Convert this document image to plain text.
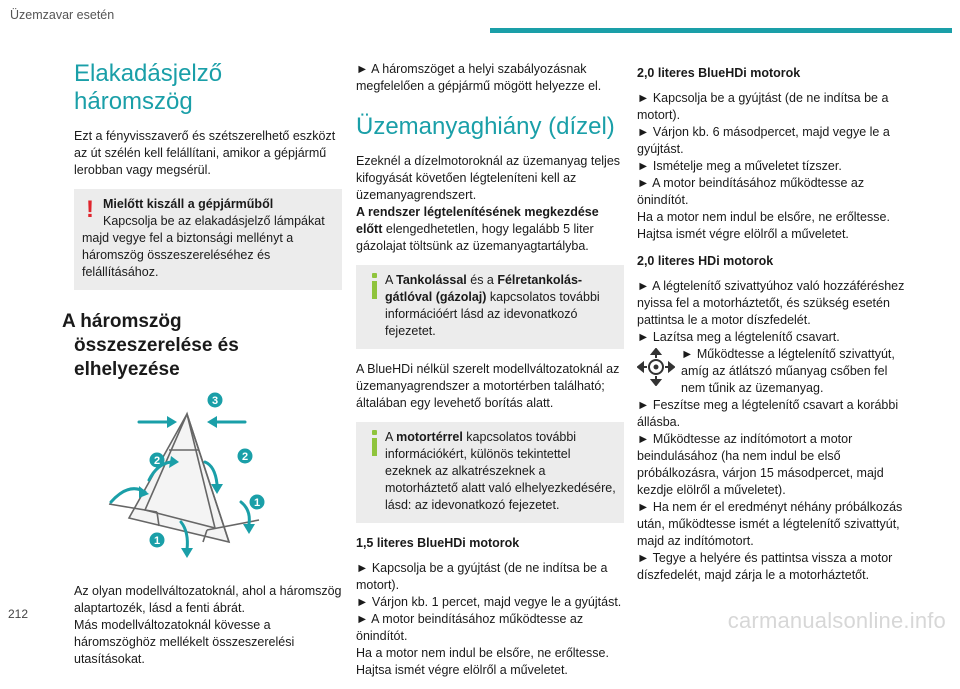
Üzemzavar esetén
Elakadásjelző háromszög

Ezt a fényvisszaverő és szétszerelhető eszközt az út szélén kell felállítani, amikor a gépjármű lerobban vagy megsérül.

! Mielőtt kiszáll a gépjárműből
Kapcsolja be az elakadásjelző lámpákat majd vegye fel a biztonsági mellényt a háromszög összeszereléséhez és felállításához.
A háromszög
összeszerelése és
elhelyezése
3
2	2
1
1

Az olyan modellváltozatoknál, ahol a háromszög alaptartozék, lásd a fenti ábrát.
Más modellváltozatoknál kövesse a háromszöghöz mellékelt összeszerelési utasításokat.

► A háromszöget a helyi szabályozásnak megfelelően a gépjármű mögött helyezze el.

Üzemanyaghiány (dízel)

Ezeknél a dízelmotoroknál az üzemanyag teljes kifogyását követően légteleníteni kell az üzemanyagrendszert.

A rendszer légtelenítésének megkezdése előtt elengedhetetlen, hogy legalább 5 liter gázolajat töltsünk az üzemanyagtartályba.

A Tankolással és a Félretankolás-gátlóval (gázolaj) kapcsolatos további információért lásd az idevonatkozó fejezetet.

A BlueHDi nélkül szerelt modellváltozatoknál az üzemanyagrendszer a motortérben található; általában egy levehető borítás alatt.

A motortérrel kapcsolatos további információkért, különös tekintettel ezeknek az alkatrészeknek a motorháztető alatt való elhelyezkedésére, lásd: az idevonatkozó fejezetet.
1,5 literes BlueHDi motorok

► Kapcsolja be a gyújtást (de ne indítsa be a motort).
► Várjon kb. 1 percet, majd vegye le a gyújtást.
► A motor beindításához működtesse az önindítót.
Ha a motor nem indul be elsőre, ne erőltesse. Hajtsa ismét végre elölről a műveletet.

2,0 literes BlueHDi motorok

► Kapcsolja be a gyújtást (de ne indítsa be a motort).
► Várjon kb. 6 másodpercet, majd vegye le a gyújtást.
► Ismételje meg a műveletet tízszer.
► A motor beindításához működtesse az önindítót.
Ha a motor nem indul be elsőre, ne erőltesse. Hajtsa ismét végre elölről a műveletet.

2,0 literes HDi motorok

► A légtelenítő szivattyúhoz való hozzáféréshez nyissa fel a motorháztetőt, és szükség esetén pattintsa le a motor díszfedelét.
► Lazítsa meg a légtelenítő csavart.
► Működtesse a légtelenítő szivattyút, amíg az átlátszó műanyag csőben fel nem tűnik az üzemanyag.
► Feszítse meg a légtelenítő csavart a korábbi állásba.
► Működtesse az indítómotort a motor beindulásához (ha nem indul be első próbálkozásra, várjon 15 másodpercet, majd kezdje elölről a műveletet).
► Ha nem ér el eredményt néhány próbálkozás után, működtesse ismét a légtelenítő szivattyút, majd az indítómotort.
► Tegye a helyére és pattintsa vissza a motor díszfedelét, majd zárja le a motorháztetőt.

212	carmanualsonline.info
